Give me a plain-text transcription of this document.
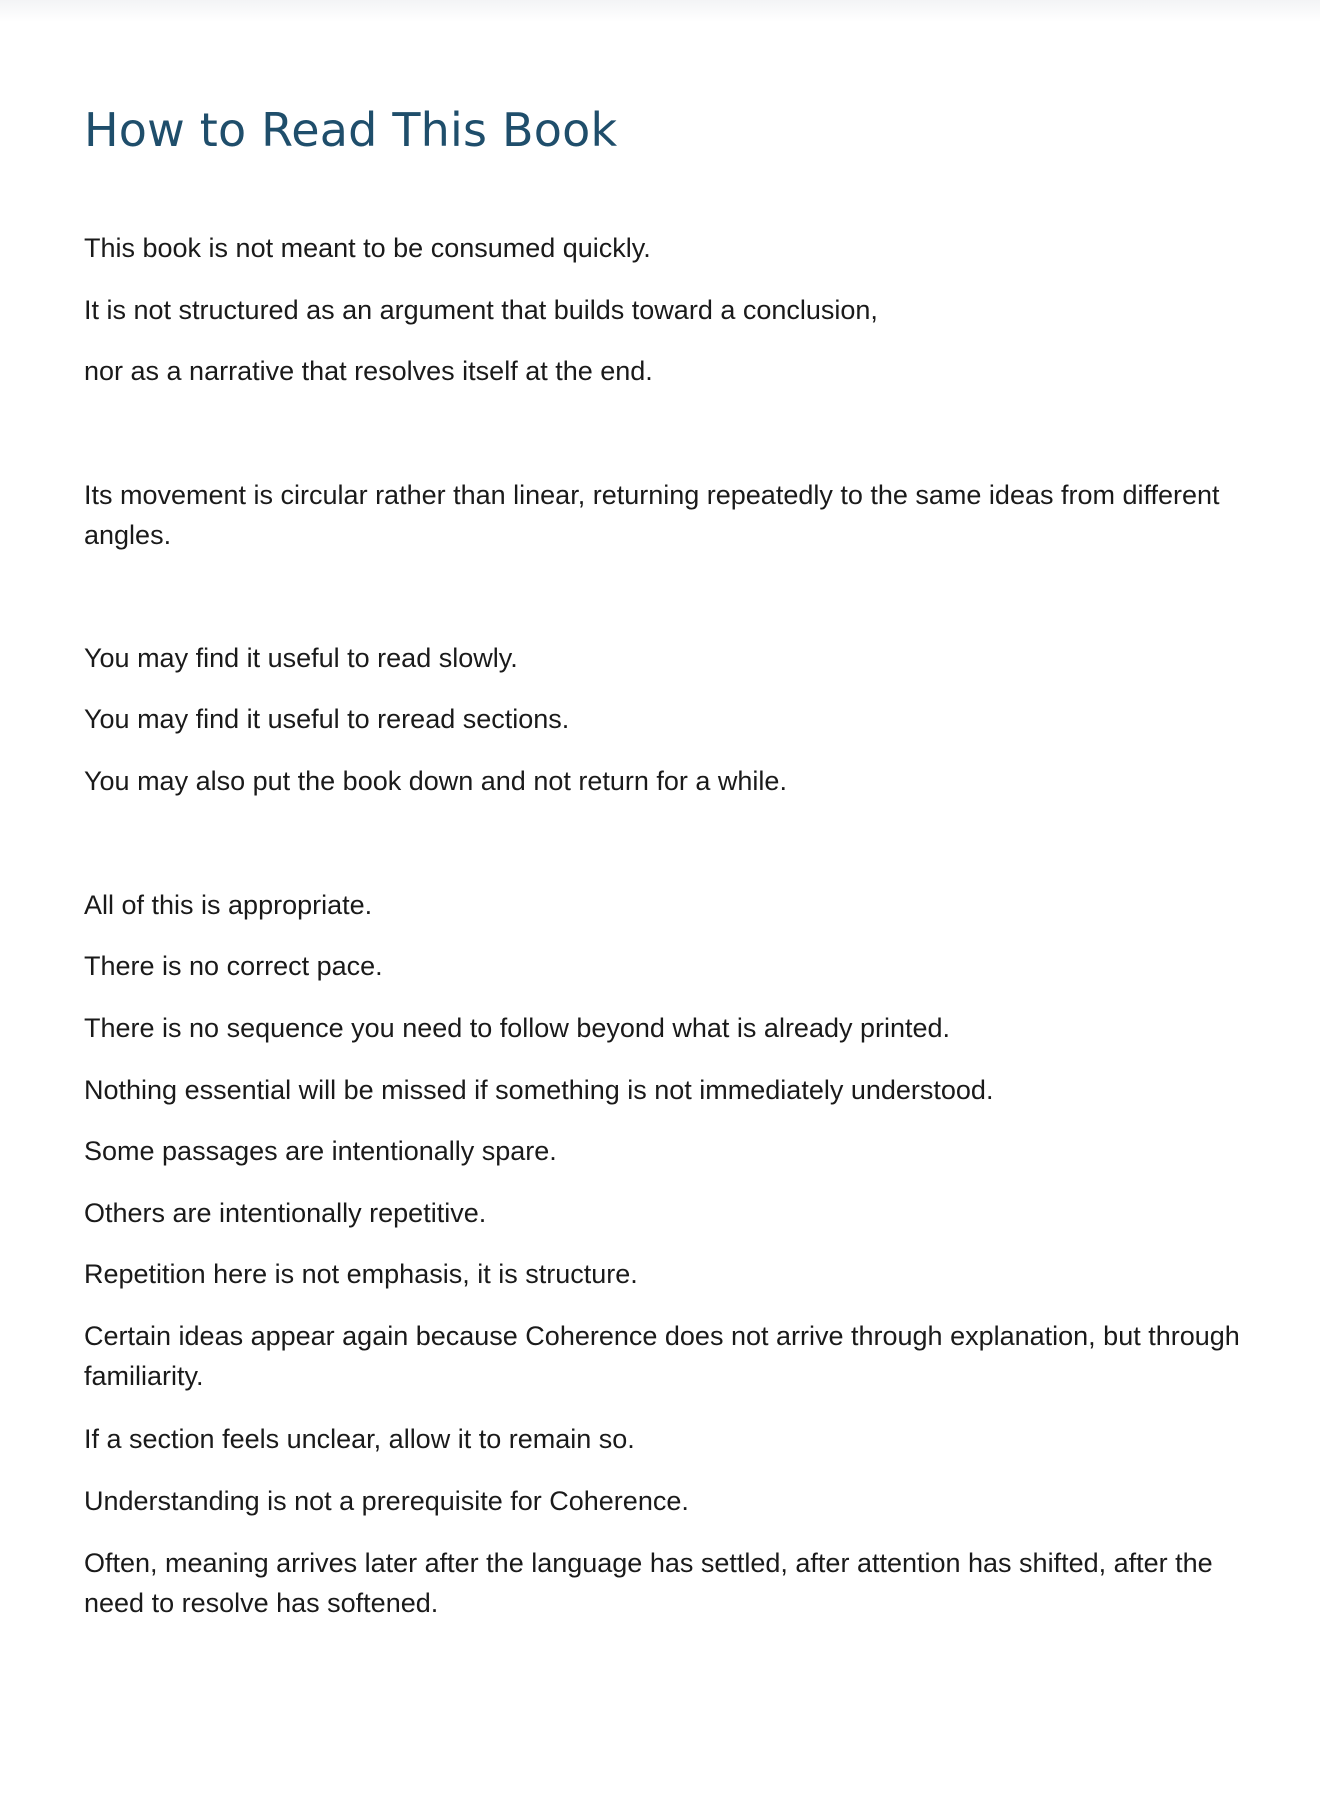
How to Read This Book

This book is not meant to be consumed quickly.

It is not structured as an argument that builds toward a conclusion,

nor as a narrative that resolves itself at the end.

Its movement is circular rather than linear, returning repeatedly to the same ideas from different angles.

You may find it useful to read slowly.

You may find it useful to reread sections.

You may also put the book down and not return for a while.

All of this is appropriate.

There is no correct pace.

There is no sequence you need to follow beyond what is already printed.

Nothing essential will be missed if something is not immediately understood.

Some passages are intentionally spare.

Others are intentionally repetitive.

Repetition here is not emphasis, it is structure.

Certain ideas appear again because Coherence does not arrive through explanation, but through familiarity.

If a section feels unclear, allow it to remain so.

Understanding is not a prerequisite for Coherence.

Often, meaning arrives later after the language has settled, after attention has shifted, after the need to resolve has softened.
